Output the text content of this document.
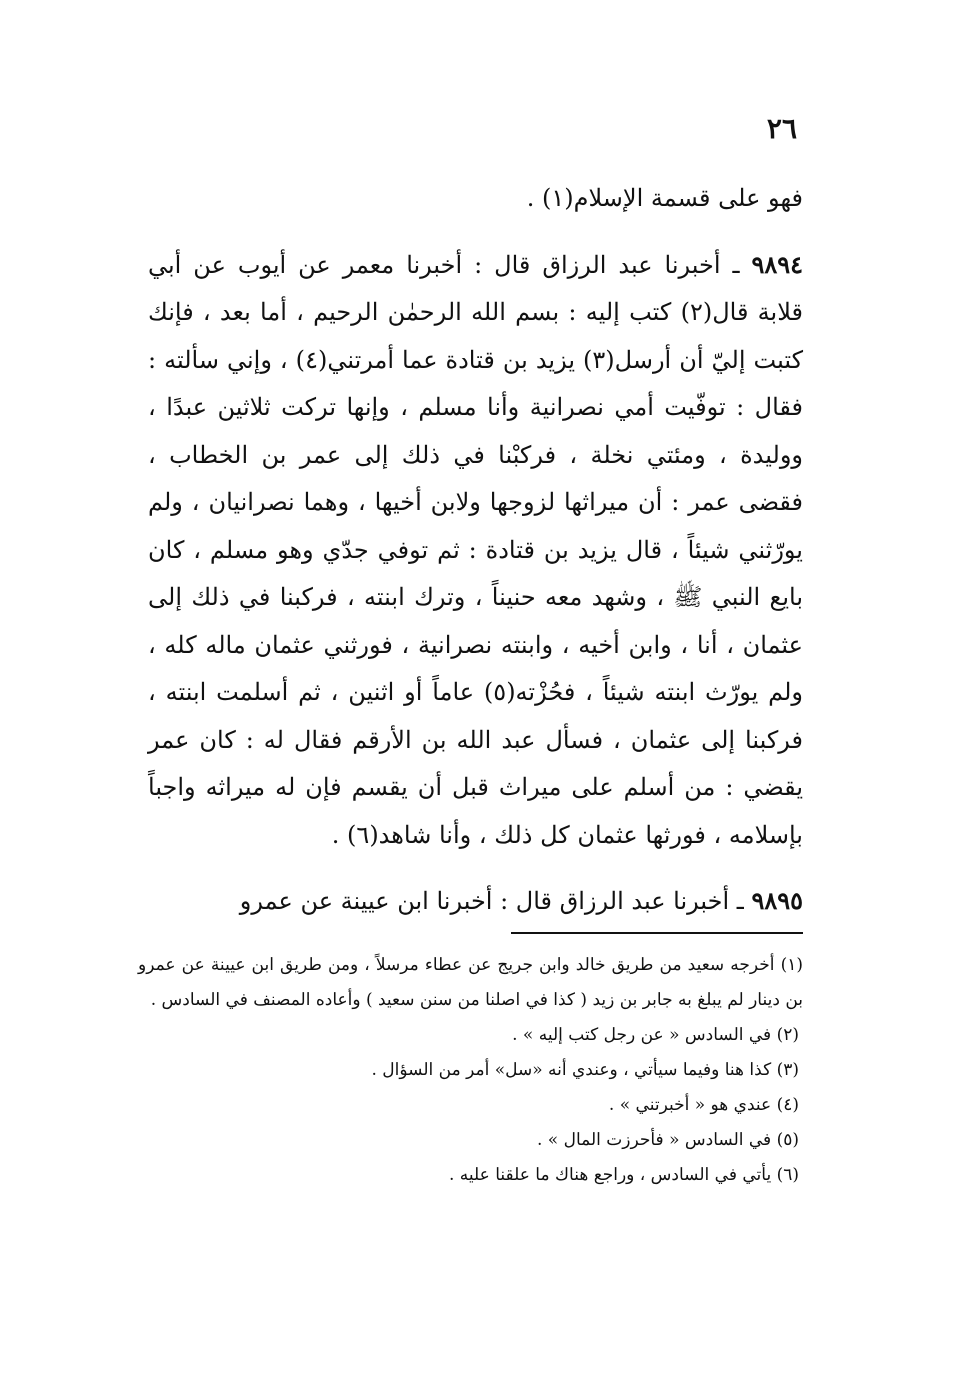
٢٦

فهو على قسمة الإسلام(١) .

٩٨٩٤ ـ أخبرنا عبد الرزاق قال : أخبرنا معمر عن أيوب عن أبي قلابة قال(٢) كتب إليه : بسم الله الرحمٰن الرحيم ، أما بعد ، فإنك كتبت إليّ أن أرسل(٣) يزيد بن قتادة عما أمرتني(٤) ، وإني سألته : فقال : توفّيت أمي نصرانية وأنا مسلم ، وإنها تركت ثلاثين عبدًا ، ووليدة ، ومئتي نخلة ، فركبْنا في ذلك إلى عمر بن الخطاب ، فقضى عمر : أن ميراثها لزوجها ولابن أخيها ، وهما نصرانيان ، ولم يورّثني شيئاً ، قال يزيد بن قتادة : ثم توفي جدّي وهو مسلم ، كان بايع النبي ﷺ ، وشهد معه حنيناً ، وترك ابنته ، فركبنا في ذلك إلى عثمان ، أنا ، وابن أخيه ، وابنته نصرانية ، فورثني عثمان ماله كله ، ولم يورّث ابنته شيئاً ، فحُزْته(٥) عاماً أو اثنين ، ثم أسلمت ابنته ، فركبنا إلى عثمان ، فسأل عبد الله بن الأرقم فقال له : كان عمر يقضي : من أسلم على ميراث قبل أن يقسم فإن له ميراثه واجباً بإسلامه ، فورثها عثمان كل ذلك ، وأنا شاهد(٦) .

٩٨٩٥ ـ أخبرنا عبد الرزاق قال : أخبرنا ابن عيينة عن عمرو

(١) أخرجه سعيد من طريق خالد وابن جريج عن عطاء مرسلاً ، ومن طريق ابن عيينة عن عمرو بن دينار لم يبلغ به جابر بن زيد ( كذا في اصلنا من سنن سعيد ) وأعاده المصنف في السادس .

(٢) في السادس « عن رجل كتب إليه » .

(٣) كذا هنا وفيما سيأتي ، وعندي أنه «سل» أمر من السؤال .

(٤) عندي هو « أخبرتني » .

(٥) في السادس « فأحرزت المال » .

(٦) يأتي في السادس ، وراجع هناك ما علقنا عليه .
